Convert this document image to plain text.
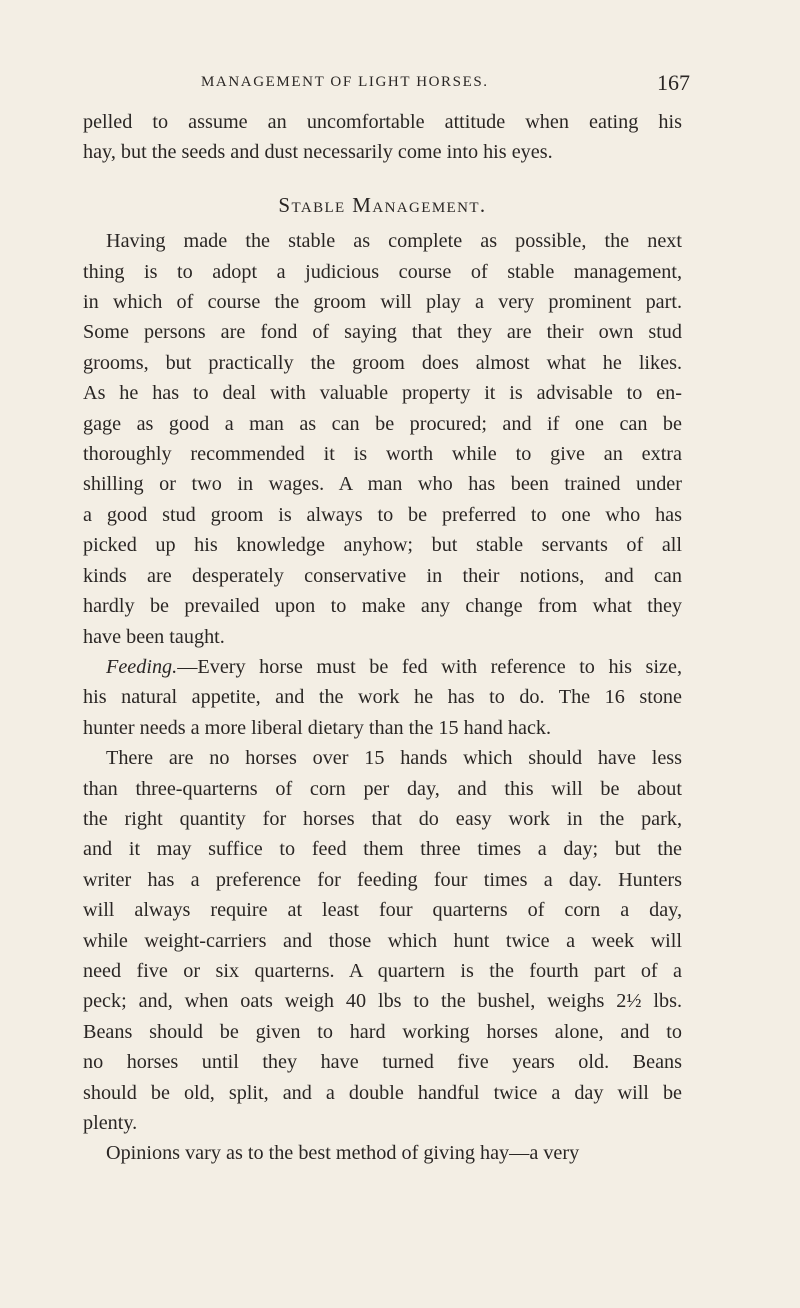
MANAGEMENT OF LIGHT HORSES.	167
pelled to assume an uncomfortable attitude when eating his
hay, but the seeds and dust necessarily come into his eyes.
Stable Management.
Having made the stable as complete as possible, the next
thing is to adopt a judicious course of stable management,
in which of course the groom will play a very prominent part.
Some persons are fond of saying that they are their own stud
grooms, but practically the groom does almost what he likes.
As he has to deal with valuable property it is advisable to en-
gage as good a man as can be procured; and if one can be
thoroughly recommended it is worth while to give an extra
shilling or two in wages. A man who has been trained under
a good stud groom is always to be preferred to one who has
picked up his knowledge anyhow; but stable servants of all
kinds are desperately conservative in their notions, and can
hardly be prevailed upon to make any change from what they
have been taught.
Feeding.—Every horse must be fed with reference to his size,
his natural appetite, and the work he has to do. The 16 stone
hunter needs a more liberal dietary than the 15 hand hack.
There are no horses over 15 hands which should have less
than three-quarterns of corn per day, and this will be about
the right quantity for horses that do easy work in the park,
and it may suffice to feed them three times a day; but the
writer has a preference for feeding four times a day. Hunters
will always require at least four quarterns of corn a day,
while weight-carriers and those which hunt twice a week will
need five or six quarterns. A quartern is the fourth part of a
peck; and, when oats weigh 40 lbs to the bushel, weighs 2½ lbs.
Beans should be given to hard working horses alone, and to
no horses until they have turned five years old. Beans
should be old, split, and a double handful twice a day will be
plenty.
Opinions vary as to the best method of giving hay—a very
